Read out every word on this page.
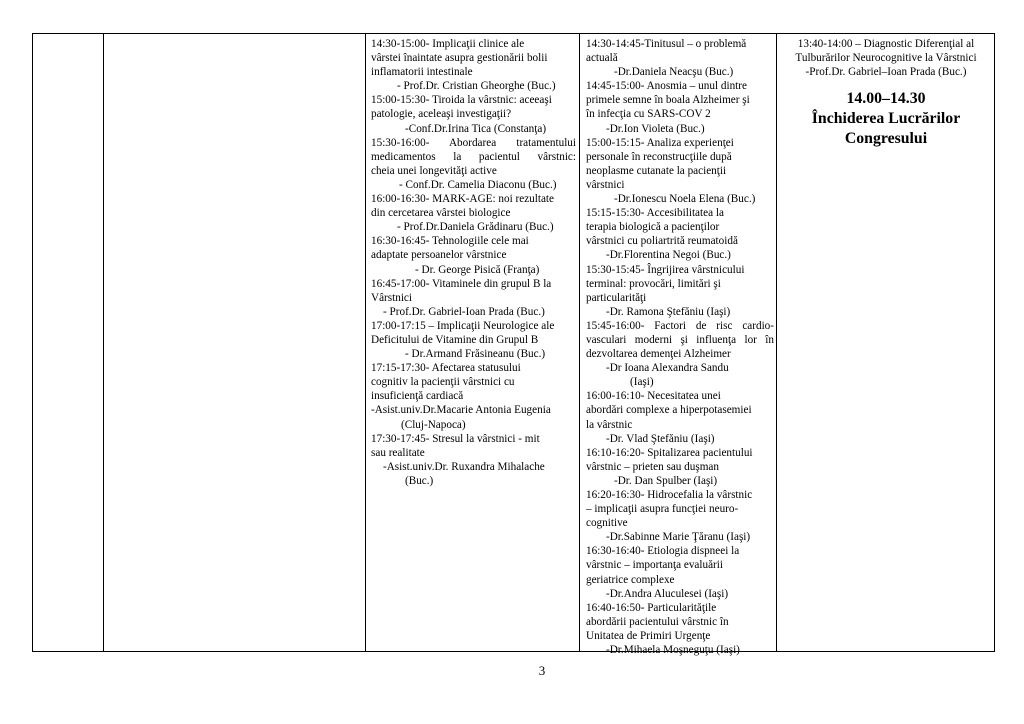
14:30-15:00- Implicaţii clinice ale
vârstei înaintate asupra gestionării bolii
inflamatorii intestinale
- Prof.Dr. Cristian Gheorghe (Buc.)
15:00-15:30- Tiroida la vârstnic: aceeaşi
patologie, aceleaşi investigaţii?
-Conf.Dr.Irina Tica (Constanţa)
15:30-16:00- Abordarea tratamentului
medicamentos la pacientul vârstnic:
cheia unei longevităţi active
- Conf.Dr. Camelia Diaconu (Buc.)
16:00-16:30- MARK-AGE: noi rezultate
din cercetarea vârstei biologice
- Prof.Dr.Daniela Grădinaru (Buc.)
16:30-16:45- Tehnologiile cele mai
adaptate persoanelor vârstnice
- Dr. George Pisică (Franţa)
16:45-17:00- Vitaminele din grupul B la
Vârstnici
- Prof.Dr. Gabriel-Ioan Prada (Buc.)
17:00-17:15 – Implicaţii Neurologice ale
Deficitului de Vitamine din Grupul B
- Dr.Armand Frăsineanu (Buc.)
17:15-17:30- Afectarea statusului
cognitiv la pacienţii vârstnici cu
insuficienţă cardiacă
-Asist.univ.Dr.Macarie Antonia Eugenia
(Cluj-Napoca)
17:30-17:45- Stresul la vârstnici - mit
sau realitate
-Asist.univ.Dr. Ruxandra Mihalache
(Buc.)
14:30-14:45-Tinitusul – o problemă
actuală
-Dr.Daniela Neacşu (Buc.)
14:45-15:00- Anosmia – unul dintre
primele semne în boala Alzheimer şi
în infecţia cu SARS-COV 2
-Dr.Ion Violeta (Buc.)
15:00-15:15- Analiza experienţei
personale în reconstrucţiile după
neoplasme cutanate la pacienţii
vârstnici
-Dr.Ionescu Noela Elena (Buc.)
15:15-15:30- Accesibilitatea la
terapia biologică a pacienţilor
vârstnici cu poliartrită reumatoidă
-Dr.Florentina Negoi (Buc.)
15:30-15:45- Îngrijirea vârstnicului
terminal: provocări, limitări şi
particularităţi
-Dr. Ramona Ştefăniu (Iaşi)
15:45-16:00- Factori de risc cardio-
vasculari moderni şi influenţa lor în
dezvoltarea demenţei Alzheimer
-Dr Ioana Alexandra Sandu
(Iaşi)
16:00-16:10- Necesitatea unei
abordări complexe a hiperpotasemiei
la vârstnic
-Dr. Vlad Ştefăniu (Iaşi)
16:10-16:20- Spitalizarea pacientului
vârstnic – prieten sau duşman
-Dr. Dan Spulber (Iaşi)
16:20-16:30- Hidrocefalia la vârstnic
– implicaţii asupra funcţiei neuro-
cognitive
-Dr.Sabinne Marie Ţăranu (Iaşi)
16:30-16:40- Etiologia dispneei la
vârstnic – importanţa evaluării
geriatrice complexe
-Dr.Andra Aluculesei (Iaşi)
16:40-16:50- Particularităţile
abordării pacientului vârstnic în
Unitatea de Primiri Urgenţe
-Dr.Mihaela Moşneguţu (Iaşi)
13:40-14:00 – Diagnostic Diferenţial al
Tulburărilor Neurocognitive la Vârstnici
-Prof.Dr. Gabriel–Ioan Prada (Buc.)
14.00–14.30
Închiderea Lucrărilor
Congresului
3
